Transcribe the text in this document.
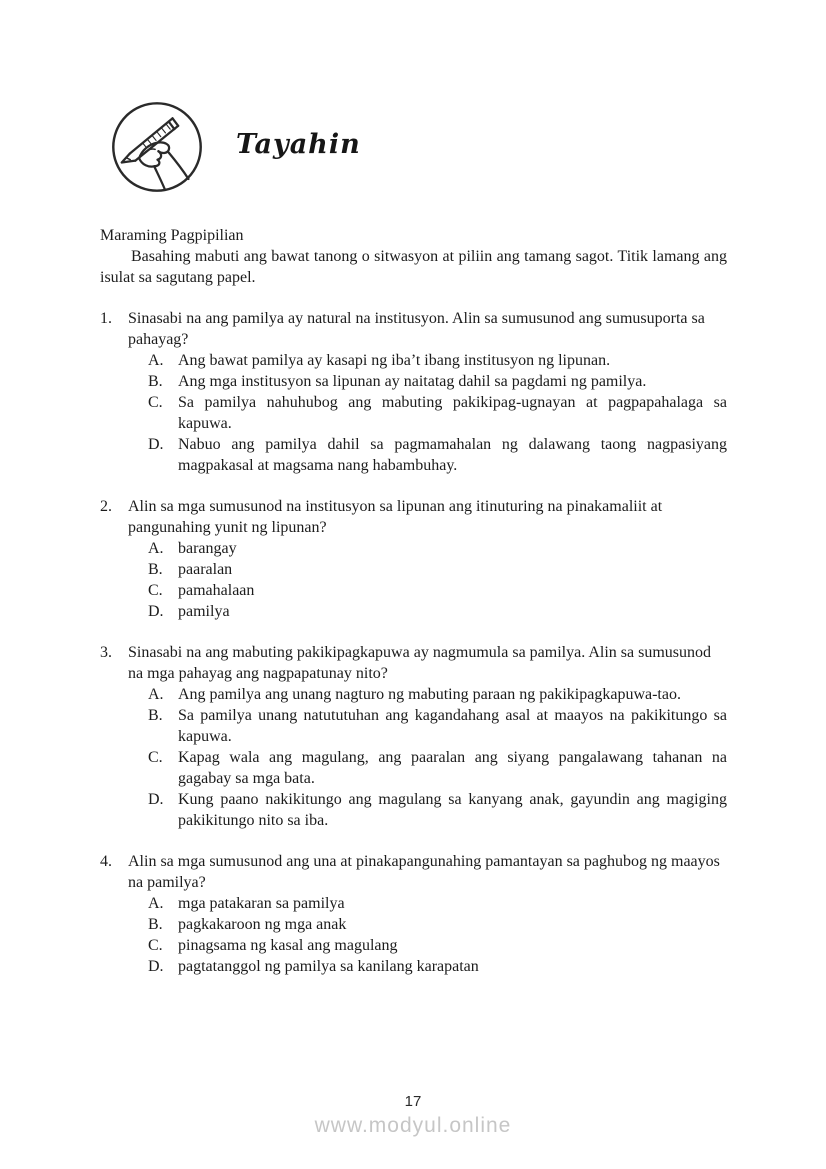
Tayahin
Maraming Pagpipilian

Basahing mabuti ang bawat tanong o sitwasyon at piliin ang tamang sagot. Titik lamang ang isulat sa sagutang papel.

1.	Sinasabi na ang pamilya ay natural na institusyon. Alin sa sumusunod ang sumusuporta sa pahayag?
A. Ang bawat pamilya ay kasapi ng iba’t ibang institusyon ng lipunan.
B. Ang mga institusyon sa lipunan ay naitatag dahil sa pagdami ng pamilya.
C. Sa pamilya nahuhubog ang mabuting pakikipag-ugnayan at pagpapahalaga sa kapuwa.
D. Nabuo ang pamilya dahil sa pagmamahalan ng dalawang taong nagpasiyang magpakasal at magsama nang habambuhay.
2.	Alin sa mga sumusunod na institusyon sa lipunan ang itinuturing na pinakamaliit at pangunahing yunit ng lipunan?
A. barangay
B. paaralan
C. pamahalaan
D. pamilya
3.	Sinasabi na ang mabuting pakikipagkapuwa ay nagmumula sa pamilya. Alin sa sumusunod na mga pahayag ang nagpapatunay nito?
A. Ang pamilya ang unang nagturo ng mabuting paraan ng pakikipagkapuwa-tao.
B. Sa pamilya unang natututuhan ang kagandahang asal at maayos na pakikitungo sa kapuwa.
C. Kapag wala ang magulang, ang paaralan ang siyang pangalawang tahanan na gagabay sa mga bata.
D. Kung paano nakikitungo ang magulang sa kanyang anak, gayundin ang magiging pakikitungo nito sa iba.
4.	Alin sa mga sumusunod ang una at pinakapangunahing pamantayan sa paghubog ng maayos na pamilya?
A. mga patakaran sa pamilya
B. pagkakaroon ng mga anak
C. pinagsama ng kasal ang magulang
D. pagtatanggol ng pamilya sa kanilang karapatan
17
www.modyul.online
